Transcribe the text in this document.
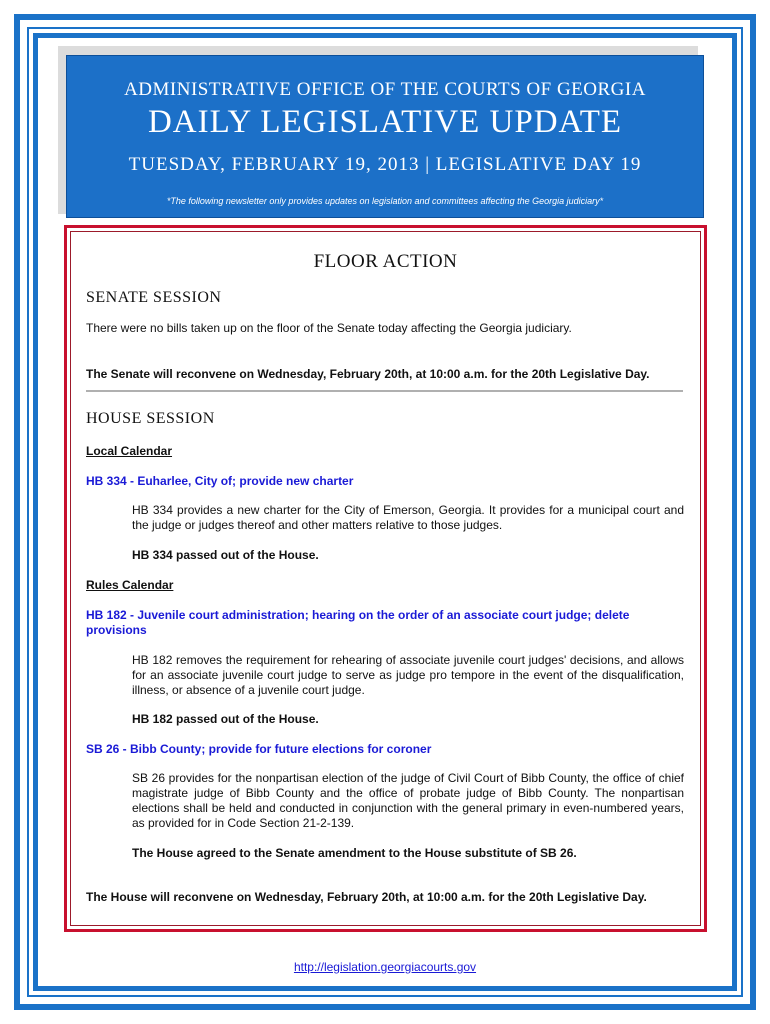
ADMINISTRATIVE OFFICE OF THE COURTS OF GEORGIA
DAILY LEGISLATIVE UPDATE
TUESDAY, FEBRUARY 19, 2013 | LEGISLATIVE DAY 19
*The following newsletter only provides updates on legislation and committees affecting the Georgia judiciary*
FLOOR ACTION
SENATE SESSION
There were no bills taken up on the floor of the Senate today affecting the Georgia judiciary.
The Senate will reconvene on Wednesday, February 20th, at 10:00 a.m. for the 20th Legislative Day.
HOUSE SESSION
Local Calendar
HB 334 - Euharlee, City of; provide new charter
HB 334 provides a new charter for the City of Emerson, Georgia. It provides for a municipal court and the judge or judges thereof and other matters relative to those judges.
HB 334 passed out of the House.
Rules Calendar
HB 182 - Juvenile court administration; hearing on the order of an associate court judge; delete provisions
HB 182 removes the requirement for rehearing of associate juvenile court judges' decisions, and allows for an associate juvenile court judge to serve as judge pro tempore in the event of the disqualification, illness, or absence of a juvenile court judge.
HB 182 passed out of the House.
SB 26 - Bibb County; provide for future elections for coroner
SB 26 provides for the nonpartisan election of the judge of Civil Court of Bibb County, the office of chief magistrate judge of Bibb County and the office of probate judge of Bibb County. The nonpartisan elections shall be held and conducted in conjunction with the general primary in even-numbered years, as provided for in Code Section 21-2-139.
The House agreed to the Senate amendment to the House substitute of SB 26.
The House will reconvene on Wednesday, February 20th, at 10:00 a.m. for the 20th Legislative Day.
http://legislation.georgiacourts.gov
